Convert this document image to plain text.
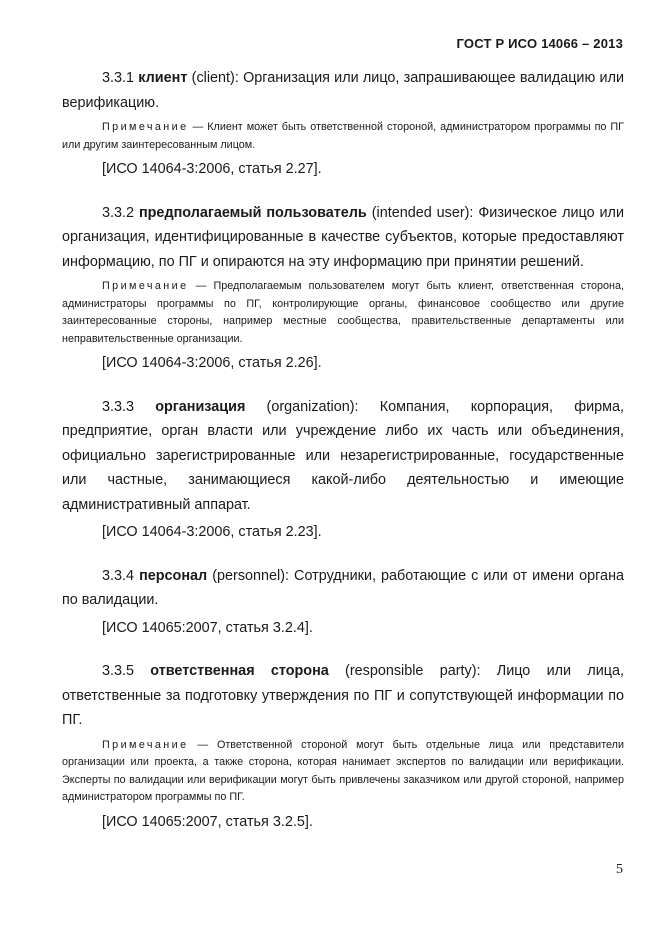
ГОСТ Р ИСО 14066 – 2013

3.3.1 клиент (client): Организация или лицо, запрашивающее валидацию или верификацию.

Примечание — Клиент может быть ответственной стороной, администратором программы по ПГ или другим заинтересованным лицом.

[ИСО 14064-3:2006, статья 2.27].

3.3.2 предполагаемый пользователь (intended user): Физическое лицо или организация, идентифицированные в качестве субъектов, которые предоставляют информацию, по ПГ и опираются на эту информацию при принятии решений.

Примечание — Предполагаемым пользователем могут быть клиент, ответственная сторона, администраторы программы по ПГ, контролирующие органы, финансовое сообщество или другие заинтересованные стороны, например местные сообщества, правительственные департаменты или неправительственные организации.

[ИСО 14064-3:2006, статья 2.26].

3.3.3 организация (organization): Компания, корпорация, фирма, предприятие, орган власти или учреждение либо их часть или объединения, официально зарегистрированные или незарегистрированные, государственные или частные, занимающиеся какой-либо деятельностью и имеющие административный аппарат.

[ИСО 14064-3:2006, статья 2.23].

3.3.4 персонал (personnel): Сотрудники, работающие с или от имени органа по валидации.

[ИСО 14065:2007, статья 3.2.4].

3.3.5 ответственная сторона (responsible party): Лицо или лица, ответственные за подготовку утверждения по ПГ и сопутствующей информации по ПГ.

Примечание — Ответственной стороной могут быть отдельные лица или представители организации или проекта, а также сторона, которая нанимает экспертов по валидации или верификации. Эксперты по валидации или верификации могут быть привлечены заказчиком или другой стороной, например администратором программы по ПГ.

[ИСО 14065:2007, статья 3.2.5].

5
